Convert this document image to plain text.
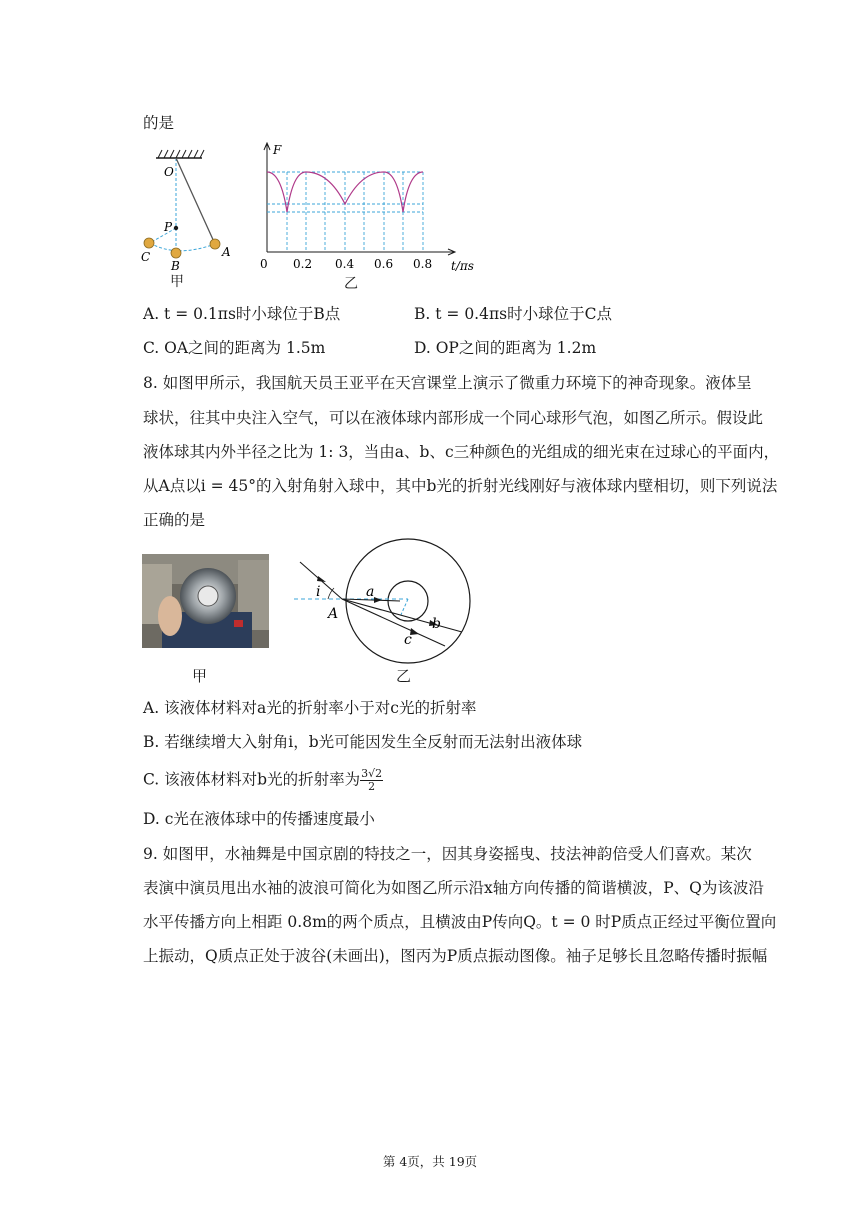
的是
O
P
A
B
C
甲
F
t/πs
0 0.2 0.4 0.6 0.8
乙
A. t = 0.1πs时小球位于B点	B. t = 0.4πs时小球位于C点
C. OA之间的距离为 1.5m	D. OP之间的距离为 1.2m
8. 如图甲所示，我国航天员王亚平在天宫课堂上演示了微重力环境下的神奇现象。液体呈
球状，往其中央注入空气，可以在液体球内部形成一个同心球形气泡，如图乙所示。假设此
液体球其内外半径之比为 1: 3，当由a、b、c三种颜色的光组成的细光束在过球心的平面内，
从A点以i = 45°的入射角射入球中，其中b光的折射光线刚好与液体球内壁相切，则下列说法
正确的是
甲
i
A
a
b
c
乙
A. 该液体材料对a光的折射率小于对c光的折射率
B. 若继续增大入射角i，b光可能因发生全反射而无法射出液体球
C. 该液体材料对b光的折射率为 $\frac{3√2}{2}$
D. c光在液体球中的传播速度最小
9. 如图甲，水袖舞是中国京剧的特技之一，因其身姿摇曳、技法神韵倍受人们喜欢。某次
表演中演员甩出水袖的波浪可简化为如图乙所示沿x轴方向传播的简谐横波，P、Q为该波沿
水平传播方向上相距 0.8m的两个质点，且横波由P传向Q。t = 0 时P质点正经过平衡位置向
上振动，Q质点正处于波谷(未画出)，图丙为P质点振动图像。袖子足够长且忽略传播时振幅
第 4页，共 19页
